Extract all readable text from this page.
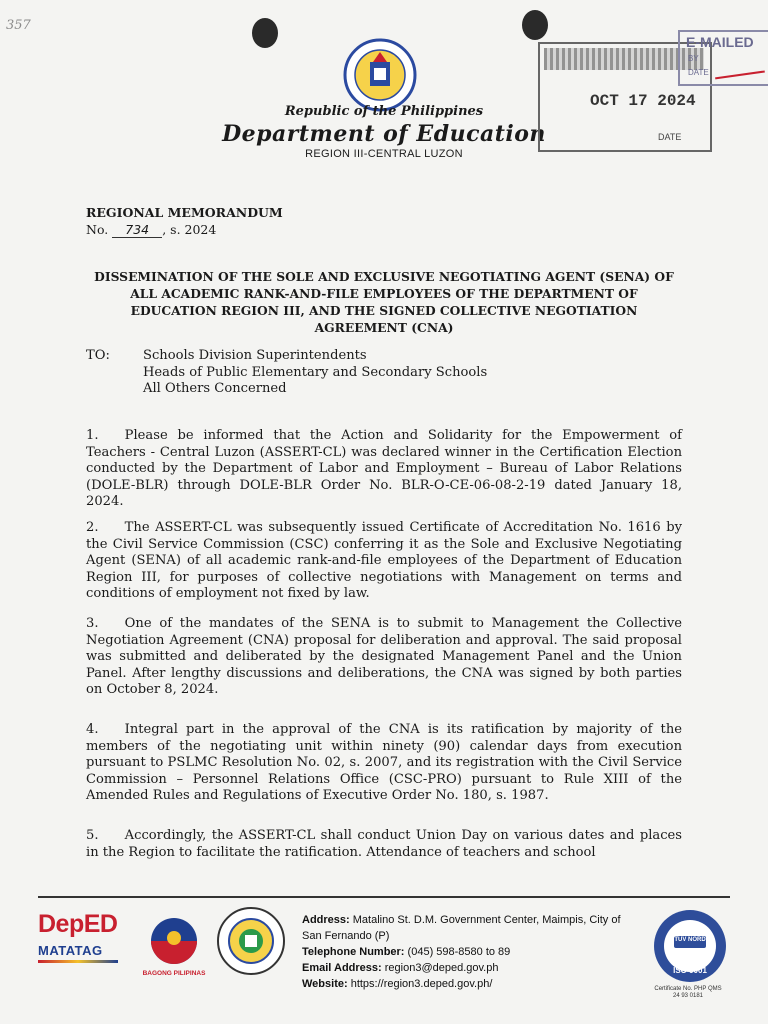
357
Republic of the Philippines
Department of Education
REGION III-CENTRAL LUZON
OCT 17 2024
DATE
E-MAILED
BY
DATE
REGIONAL MEMORANDUM
No. 734 , s. 2024
DISSEMINATION OF THE SOLE AND EXCLUSIVE NEGOTIATING AGENT (SENA) OF ALL ACADEMIC RANK-AND-FILE EMPLOYEES OF THE DEPARTMENT OF EDUCATION REGION III, AND THE SIGNED COLLECTIVE NEGOTIATION AGREEMENT (CNA)
TO:	Schools Division Superintendents
Heads of Public Elementary and Secondary Schools
All Others Concerned
1.  Please be informed that the Action and Solidarity for the Empowerment of Teachers - Central Luzon (ASSERT-CL) was declared winner in the Certification Election conducted by the Department of Labor and Employment – Bureau of Labor Relations (DOLE-BLR) through DOLE-BLR Order No. BLR-O-CE-06-08-2-19 dated January 18, 2024.
2.  The ASSERT-CL was subsequently issued Certificate of Accreditation No. 1616 by the Civil Service Commission (CSC) conferring it as the Sole and Exclusive Negotiating Agent (SENA) of all academic rank-and-file employees of the Department of Education Region III, for purposes of collective negotiations with Management on terms and conditions of employment not fixed by law.
3.  One of the mandates of the SENA is to submit to Management the Collective Negotiation Agreement (CNA) proposal for deliberation and approval. The said proposal was submitted and deliberated by the designated Management Panel and the Union Panel. After lengthy discussions and deliberations, the CNA was signed by both parties on October 8, 2024.
4.  Integral part in the approval of the CNA is its ratification by majority of the members of the negotiating unit within ninety (90) calendar days from execution pursuant to PSLMC Resolution No. 02, s. 2007, and its registration with the Civil Service Commission – Personnel Relations Office (CSC-PRO) pursuant to Rule XIII of the Amended Rules and Regulations of Executive Order No. 180, s. 1987.
5.  Accordingly, the ASSERT-CL shall conduct Union Day on various dates and places in the Region to facilitate the ratification. Attendance of teachers and school
DepED
MATATAG
BAGONG PILIPINAS
Address: Matalino St. D.M. Government Center, Maimpis, City of San Fernando (P)
Telephone Number: (045) 598-8580 to 89
Email Address: region3@deped.gov.ph
Website: https://region3.deped.gov.ph/
TUV NORD
ISO 9001
Certificate No. PHP QMS
24 93 0181
